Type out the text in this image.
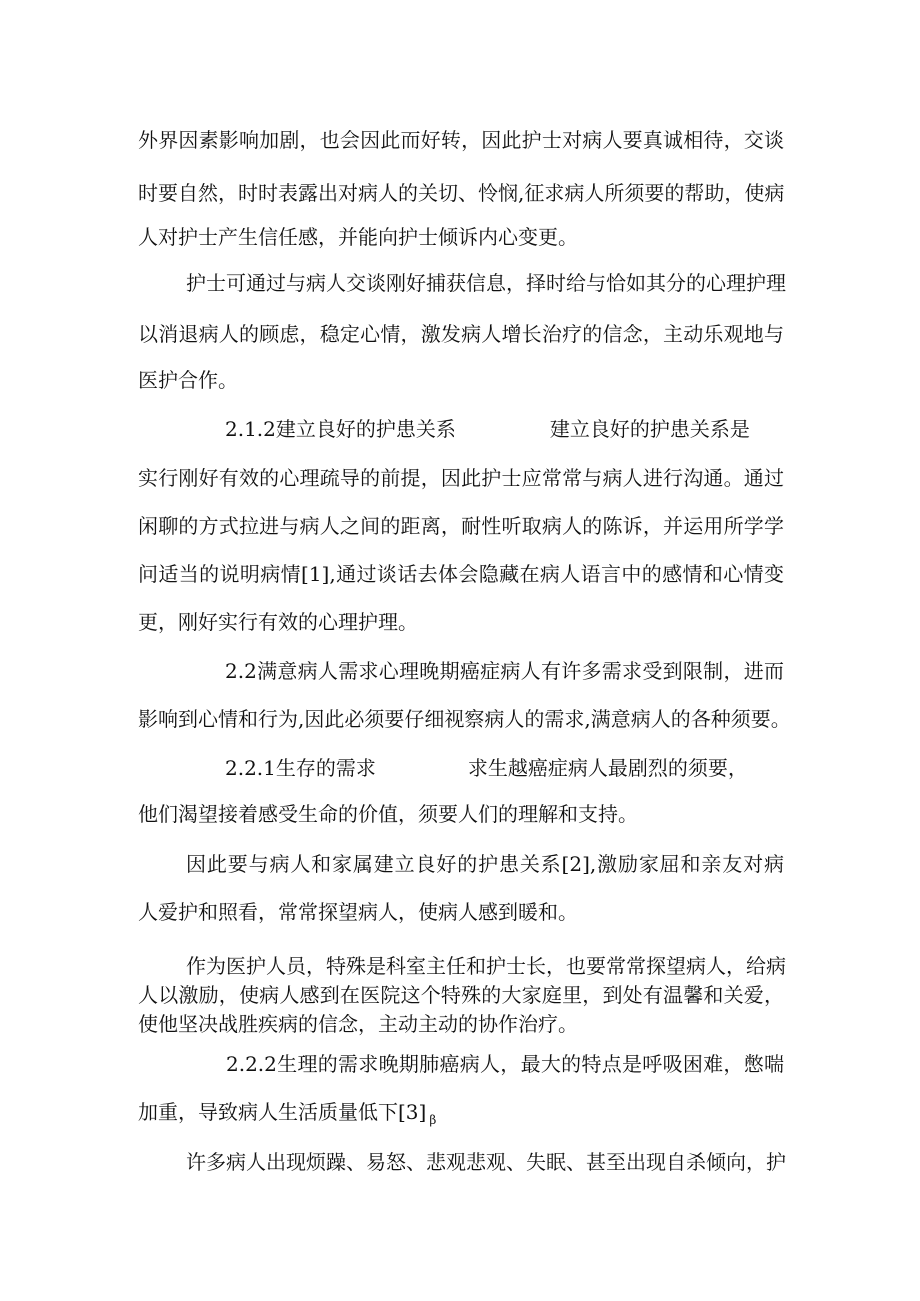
外界因素影响加剧，也会因此而好转，因此护士对病人要真诚相待，交谈
时要自然，时时表露出对病人的关切、怜悯,征求病人所须要的帮助，使病
人对护士产生信任感，并能向护士倾诉内心变更。
护士可通过与病人交谈刚好捕获信息，择时给与恰如其分的心理护理
以消退病人的顾虑，稳定心情，激发病人增长治疗的信念，主动乐观地与
医护合作。
2.1.2建立良好的护患关系	建立良好的护患关系是
实行刚好有效的心理疏导的前提，因此护士应常常与病人进行沟通。通过
闲聊的方式拉进与病人之间的距离，耐性听取病人的陈诉，并运用所学学
问适当的说明病情[1],通过谈话去体会隐藏在病人语言中的感情和心情变
更，刚好实行有效的心理护理。
2.2满意病人需求心理晚期癌症病人有许多需求受到限制，进而
影响到心情和行为,因此必须要仔细视察病人的需求,满意病人的各种须要。
2.2.1生存的需求	求生越癌症病人最剧烈的须要，
他们渴望接着感受生命的价值，须要人们的理解和支持。
因此要与病人和家属建立良好的护患关系[2],激励家屈和亲友对病
人爱护和照看，常常探望病人，使病人感到暖和。
作为医护人员，特殊是科室主任和护士长，也要常常探望病人，给病
人以激励，使病人感到在医院这个特殊的大家庭里，到处有温馨和关爱，
使他坚决战胜疾病的信念，主动主动的协作治疗。
2.2.2生理的需求晚期肺癌病人，最大的特点是呼吸困难，憋喘
加重，导致病人生活质量低下[3] $_\beta$
许多病人出现烦躁、易怒、悲观悲观、失眠、甚至出现自杀倾向，护
